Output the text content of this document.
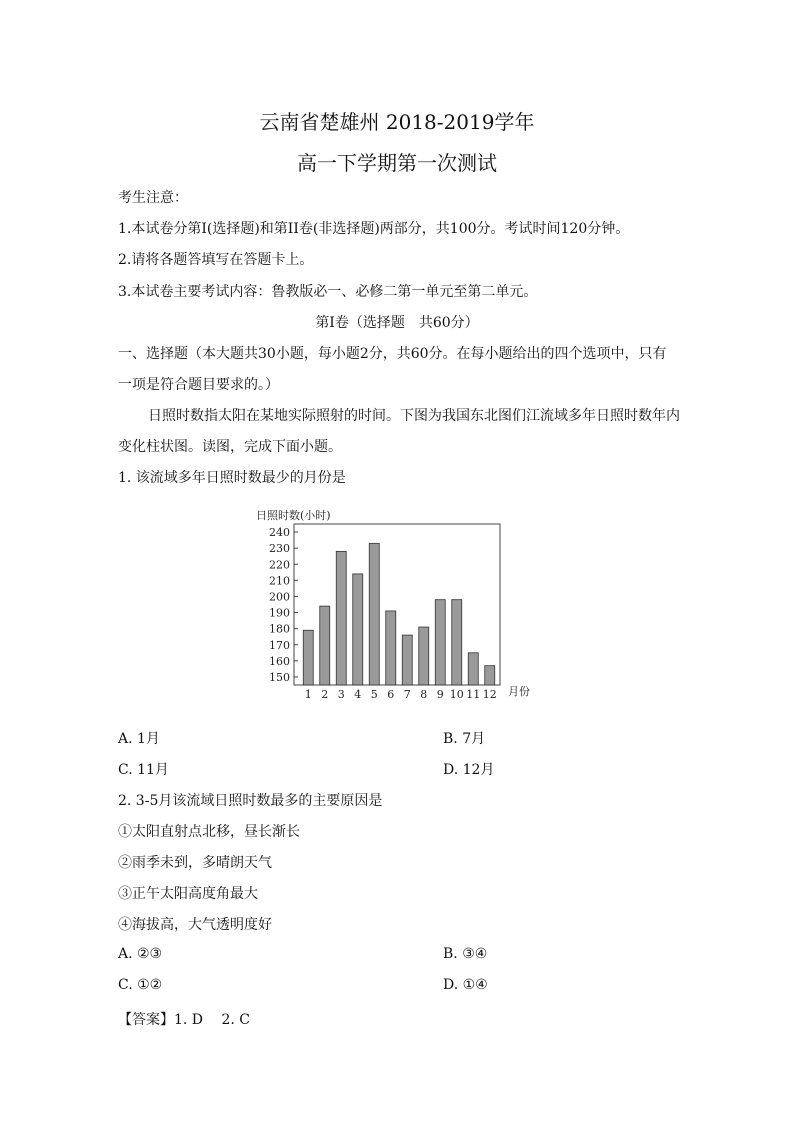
云南省楚雄州 2018-2019学年
高一下学期第一次测试
考生注意：
1.本试卷分第Ⅰ(选择题)和第II卷(非选择题)两部分，共100分。考试时间120分钟。
2.请将各题答填写在答题卡上。
3.本试卷主要考试内容：鲁教版必一、必修二第一单元至第二单元。
第Ⅰ卷（选择题　共60分）
一、选择题（本大题共30小题，每小题2分，共60分。在每小题给出的四个选项中，只有
一项是符合题目要求的。）
日照时数指太阳在某地实际照射的时间。下图为我国东北图们江流域多年日照时数年内
变化柱状图。读图，完成下面小题。
1. 该流域多年日照时数最少的月份是
日照时数(小时)
150
160
170
180
190
200
210
220
230
240
1 2 3 4 5 6 7 8 9 10 11 12 月份
A. 1月	B. 7月
C. 11月	D. 12月
2. 3-5月该流域日照时数最多的主要原因是
①太阳直射点北移，昼长渐长
②雨季未到，多晴朗天气
③正午太阳高度角最大
④海拔高，大气透明度好
A. ②③	B. ③④
C. ①②	D. ①④
【答案】1. D　 2. C
